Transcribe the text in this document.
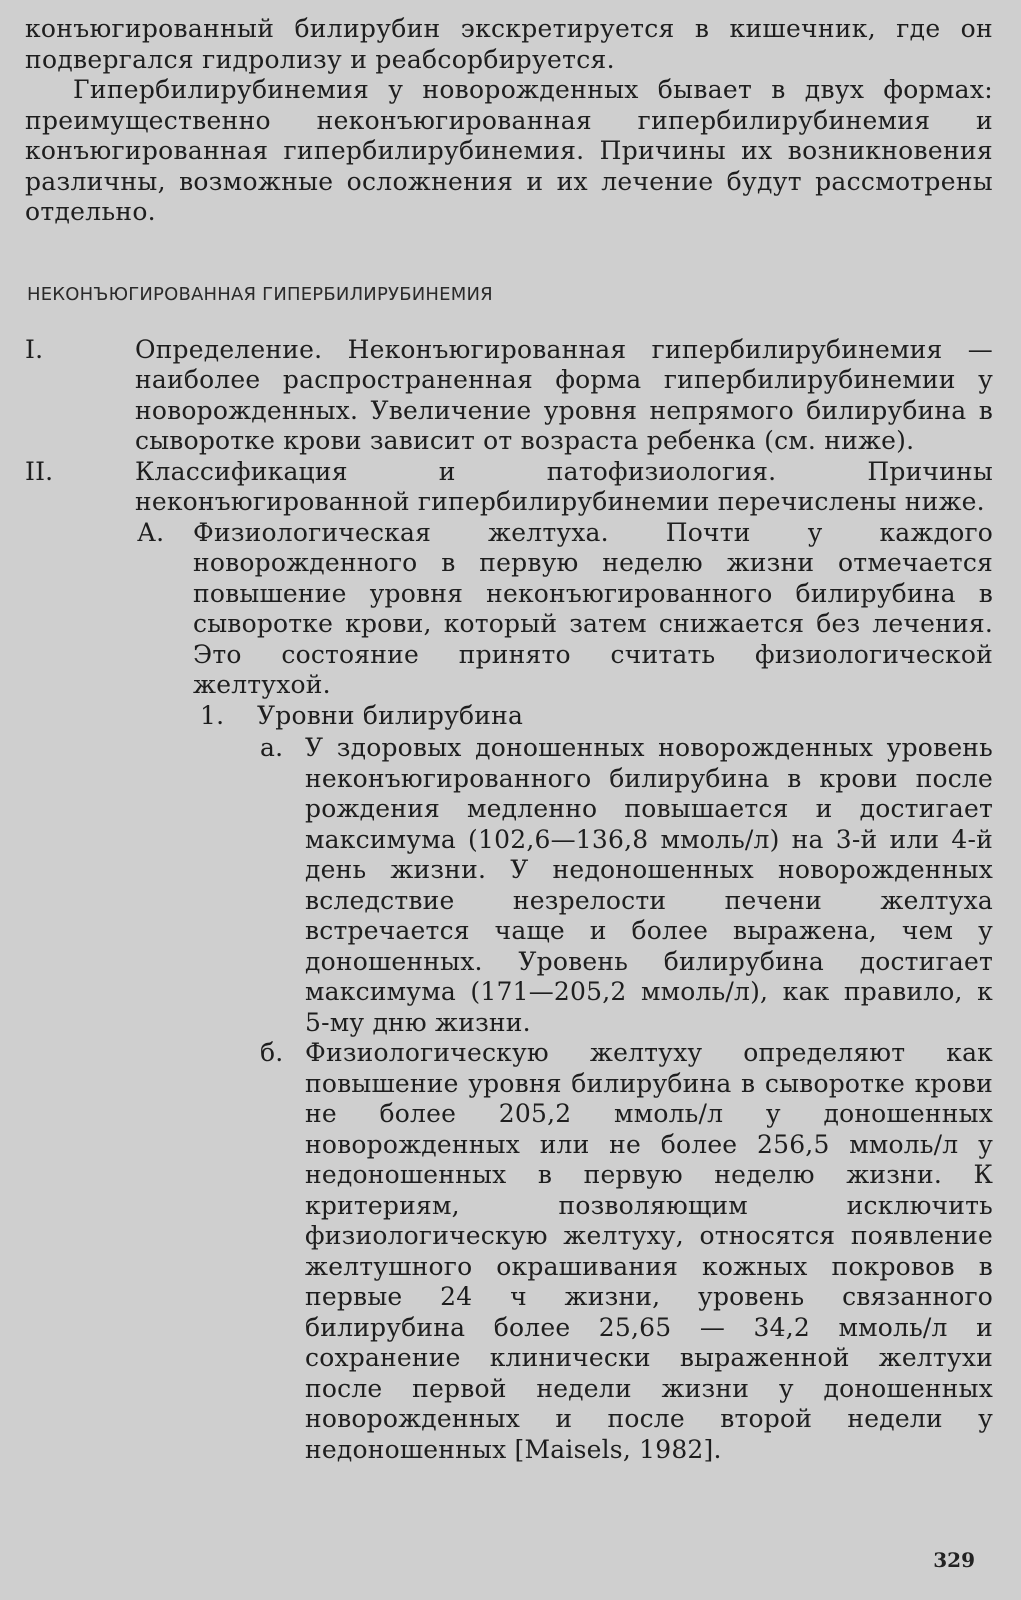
конъюгированный билирубин экскретируется в кишечник, где он подвергался гидролизу и реабсорбируется.

Гипербилирубинемия у новорожденных бывает в двух формах: преимущественно неконъюгированная гипербилирубинемия и конъюгированная гипербилирубинемия. Причины их возникновения различны, возможные осложнения и их лечение будут рассмотрены отдельно.

НЕКОНЪЮГИРОВАННАЯ ГИПЕРБИЛИРУБИНЕМИЯ
I.	Определение. Неконъюгированная гипербилирубинемия — наиболее распространенная форма гипербилирубинемии у новорожденных. Увеличение уровня непрямого билирубина в сыворотке крови зависит от возраста ребенка (см. ниже).
II.	Классификация и патофизиология. Причины неконъюгированной гипербилирубинемии перечислены ниже.
А. Физиологическая желтуха. Почти у каждого новорожденного в первую неделю жизни отмечается повышение уровня неконъюгированного билирубина в сыворотке крови, который затем снижается без лечения. Это состояние принято считать физиологической желтухой.
1. Уровни билирубина
а. У здоровых доношенных новорожденных уровень неконъюгированного билирубина в крови после рождения медленно повышается и достигает максимума (102,6—136,8 ммоль/л) на 3-й или 4-й день жизни. У недоношенных новорожденных вследствие незрелости печени желтуха встречается чаще и более выражена, чем у доношенных. Уровень билирубина достигает максимума (171—205,2 ммоль/л), как правило, к 5-му дню жизни.
б. Физиологическую желтуху определяют как повышение уровня билирубина в сыворотке крови не более 205,2 ммоль/л у доношенных новорожденных или не более 256,5 ммоль/л у недоношенных в первую неделю жизни. К критериям, позволяющим исключить физиологическую желтуху, относятся появление желтушного окрашивания кожных покровов в первые 24 ч жизни, уровень связанного билирубина более 25,65 — 34,2 ммоль/л и сохранение клинически выраженной желтухи после первой недели жизни у доношенных новорожденных и после второй недели у недоношенных [Maisels, 1982].
329
